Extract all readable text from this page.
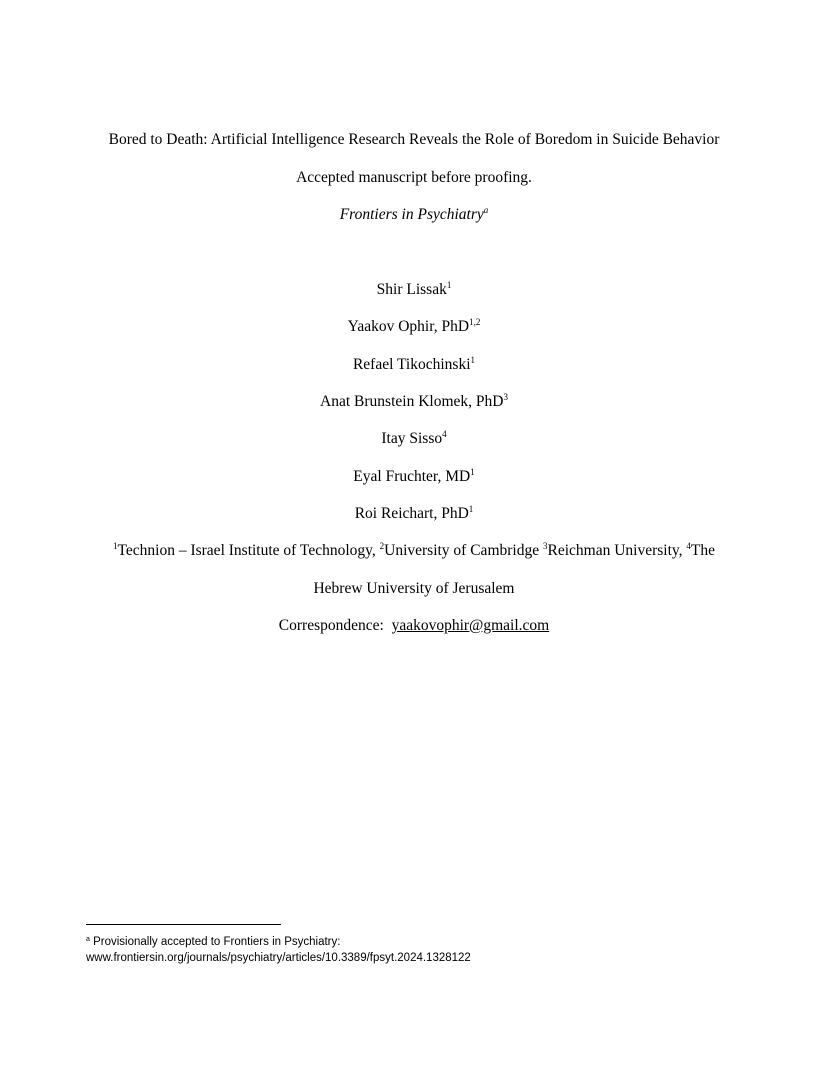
Bored to Death: Artificial Intelligence Research Reveals the Role of Boredom in Suicide Behavior
Accepted manuscript before proofing.
Frontiers in Psychiatry$^a$
Shir Lissak$^1$
Yaakov Ophir, PhD$^{1,2}$
Refael Tikochinski$^1$
Anat Brunstein Klomek, PhD$^3$
Itay Sisso$^4$
Eyal Fruchter, $MD^1$
Roi Reichart, PhD$^1$
$^1$Technion – Israel Institute of Technology, $^2$University of Cambridge $^3$Reichman University, $^4$The
Hebrew University of Jerusalem
Correspondence:  yaakovophir@gmail.com
$^a$ Provisionally accepted to Frontiers in Psychiatry:
www.frontiersin.org/journals/psychiatry/articles/10.3389/fpsyt.2024.1328122
